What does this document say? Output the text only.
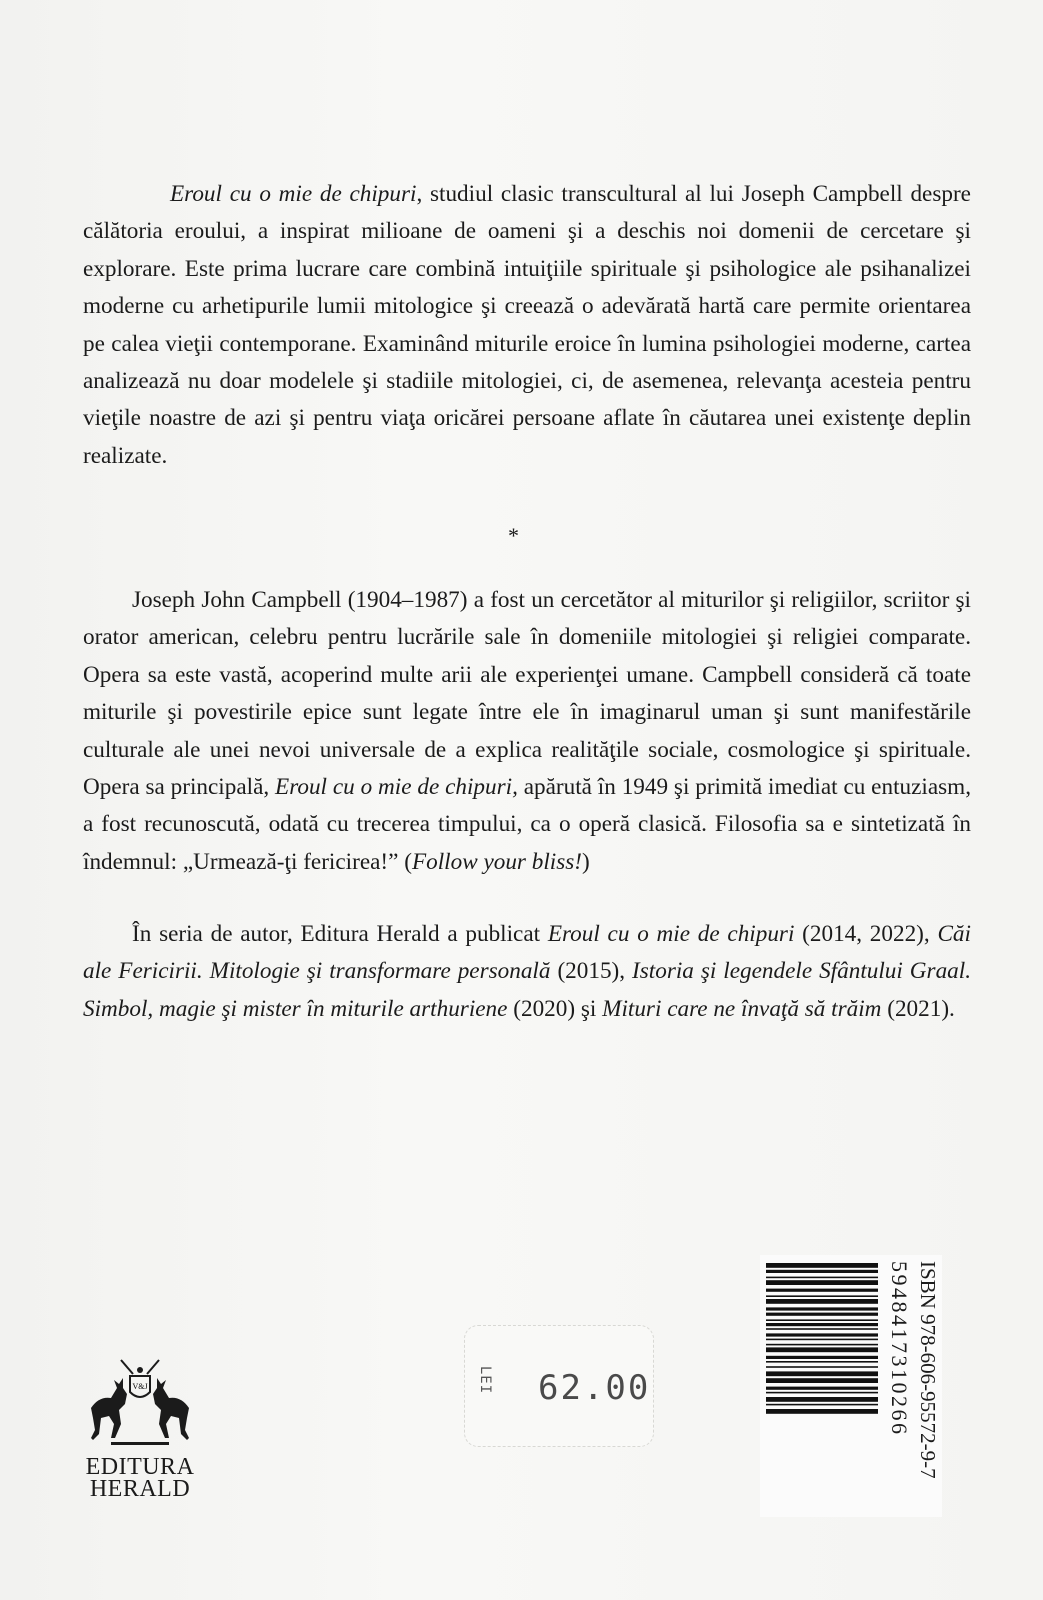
Eroul cu o mie de chipuri, studiul clasic transcultural al lui Joseph Campbell despre călătoria eroului, a inspirat milioane de oameni şi a deschis noi domenii de cercetare şi explorare. Este prima lucrare care combină intuiţiile spirituale şi psihologice ale psihanalizei moderne cu arhetipurile lumii mitologice şi creează o adevărată hartă care permite orientarea pe calea vieţii contemporane. Examinând miturile eroice în lumina psihologiei moderne, cartea analizează nu doar modelele şi stadiile mitologiei, ci, de asemenea, relevanţa acesteia pentru vieţile noastre de azi şi pentru viaţa oricărei persoane aflate în căutarea unei existenţe deplin realizate.

*

Joseph John Campbell (1904–1987) a fost un cercetător al miturilor şi religiilor, scriitor şi orator american, celebru pentru lucrările sale în domeniile mitologiei şi religiei comparate. Opera sa este vastă, acoperind multe arii ale experienţei umane. Campbell consideră că toate miturile şi povestirile epice sunt legate între ele în imaginarul uman şi sunt manifestările culturale ale unei nevoi universale de a explica realităţile sociale, cosmologice şi spirituale. Opera sa principală, Eroul cu o mie de chipuri, apărută în 1949 şi primită imediat cu entuziasm, a fost recunoscută, odată cu trecerea timpului, ca o operă clasică. Filosofia sa e sintetizată în îndemnul: „Urmează-ţi fericirea!” (Follow your bliss!)

În seria de autor, Editura Herald a publicat Eroul cu o mie de chipuri (2014, 2022), Căi ale Fericirii. Mitologie şi transformare personală (2015), Istoria şi legendele Sfântului Graal. Simbol, magie şi mister în miturile arthuriene (2020) şi Mituri care ne învaţă să trăim (2021).

V&J
EDITURA
HERALD
LEI 62.00	ISBN 978-606-95572-9-7
5948417310266
